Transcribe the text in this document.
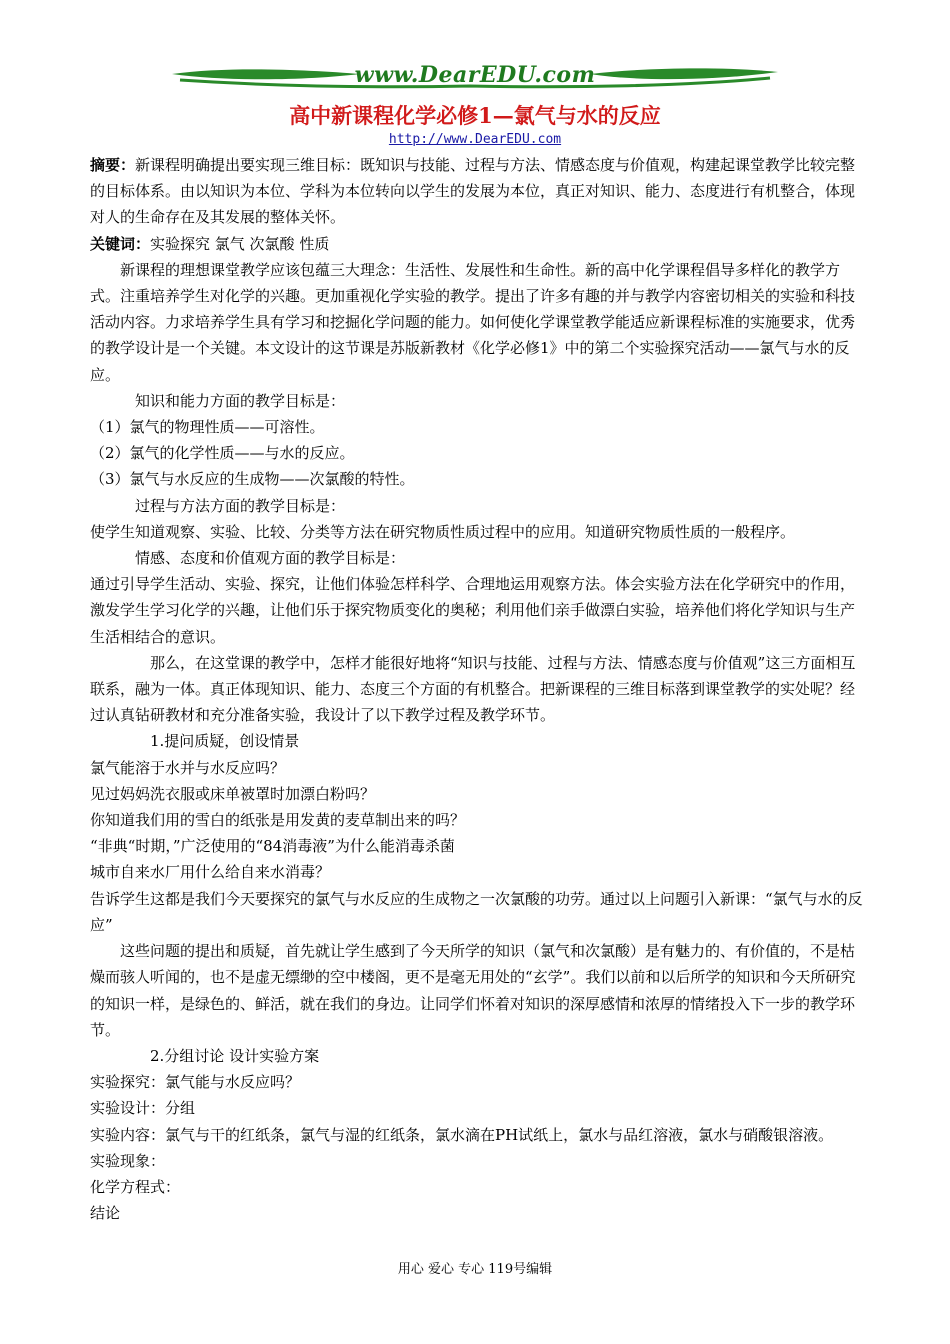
www.DearEDU.com
高中新课程化学必修1—氯气与水的反应
http://www.DearEDU.com

摘要：新课程明确提出要实现三维目标：既知识与技能、过程与方法、情感态度与价值观，构建起课堂教学比较完整的目标体系。由以知识为本位、学科为本位转向以学生的发展为本位，真正对知识、能力、态度进行有机整合，体现对人的生命存在及其发展的整体关怀。

关键词：实验探究 氯气 次氯酸 性质

新课程的理想课堂教学应该包蕴三大理念：生活性、发展性和生命性。新的高中化学课程倡导多样化的教学方式。注重培养学生对化学的兴趣。更加重视化学实验的教学。提出了许多有趣的并与教学内容密切相关的实验和科技活动内容。力求培养学生具有学习和挖掘化学问题的能力。如何使化学课堂教学能适应新课程标准的实施要求，优秀的教学设计是一个关键。本文设计的这节课是苏版新教材《化学必修1》中的第二个实验探究活动——氯气与水的反应。

知识和能力方面的教学目标是：

（1）氯气的物理性质——可溶性。

（2）氯气的化学性质——与水的反应。

（3）氯气与水反应的生成物——次氯酸的特性。

过程与方法方面的教学目标是：

使学生知道观察、实验、比较、分类等方法在研究物质性质过程中的应用。知道研究物质性质的一般程序。

情感、态度和价值观方面的教学目标是：

通过引导学生活动、实验、探究，让他们体验怎样科学、合理地运用观察方法。体会实验方法在化学研究中的作用，激发学生学习化学的兴趣，让他们乐于探究物质变化的奥秘；利用他们亲手做漂白实验，培养他们将化学知识与生产生活相结合的意识。

那么，在这堂课的教学中，怎样才能很好地将“知识与技能、过程与方法、情感态度与价值观”这三方面相互联系，融为一体。真正体现知识、能力、态度三个方面的有机整合。把新课程的三维目标落到课堂教学的实处呢？经过认真钻研教材和充分准备实验，我设计了以下教学过程及教学环节。

1.提问质疑，创设情景

氯气能溶于水并与水反应吗？

见过妈妈洗衣服或床单被罩时加漂白粉吗？

你知道我们用的雪白的纸张是用发黄的麦草制出来的吗？

“非典“时期，”广泛使用的“84消毒液”为什么能消毒杀菌

城市自来水厂用什么给自来水消毒？

告诉学生这都是我们今天要探究的氯气与水反应的生成物之一次氯酸的功劳。通过以上问题引入新课：“氯气与水的反应”

这些问题的提出和质疑，首先就让学生感到了今天所学的知识（氯气和次氯酸）是有魅力的、有价值的，不是枯燥而骇人听闻的，也不是虚无缥缈的空中楼阁，更不是毫无用处的“玄学”。我们以前和以后所学的知识和今天所研究的知识一样，是绿色的、鲜活，就在我们的身边。让同学们怀着对知识的深厚感情和浓厚的情绪投入下一步的教学环节。

2.分组讨论 设计实验方案

实验探究：氯气能与水反应吗？

实验设计：分组

实验内容：氯气与干的红纸条，氯气与湿的红纸条，氯水滴在PH试纸上，氯水与品红溶液，氯水与硝酸银溶液。

实验现象：

化学方程式：

结论

用心 爱心 专心 119号编辑
